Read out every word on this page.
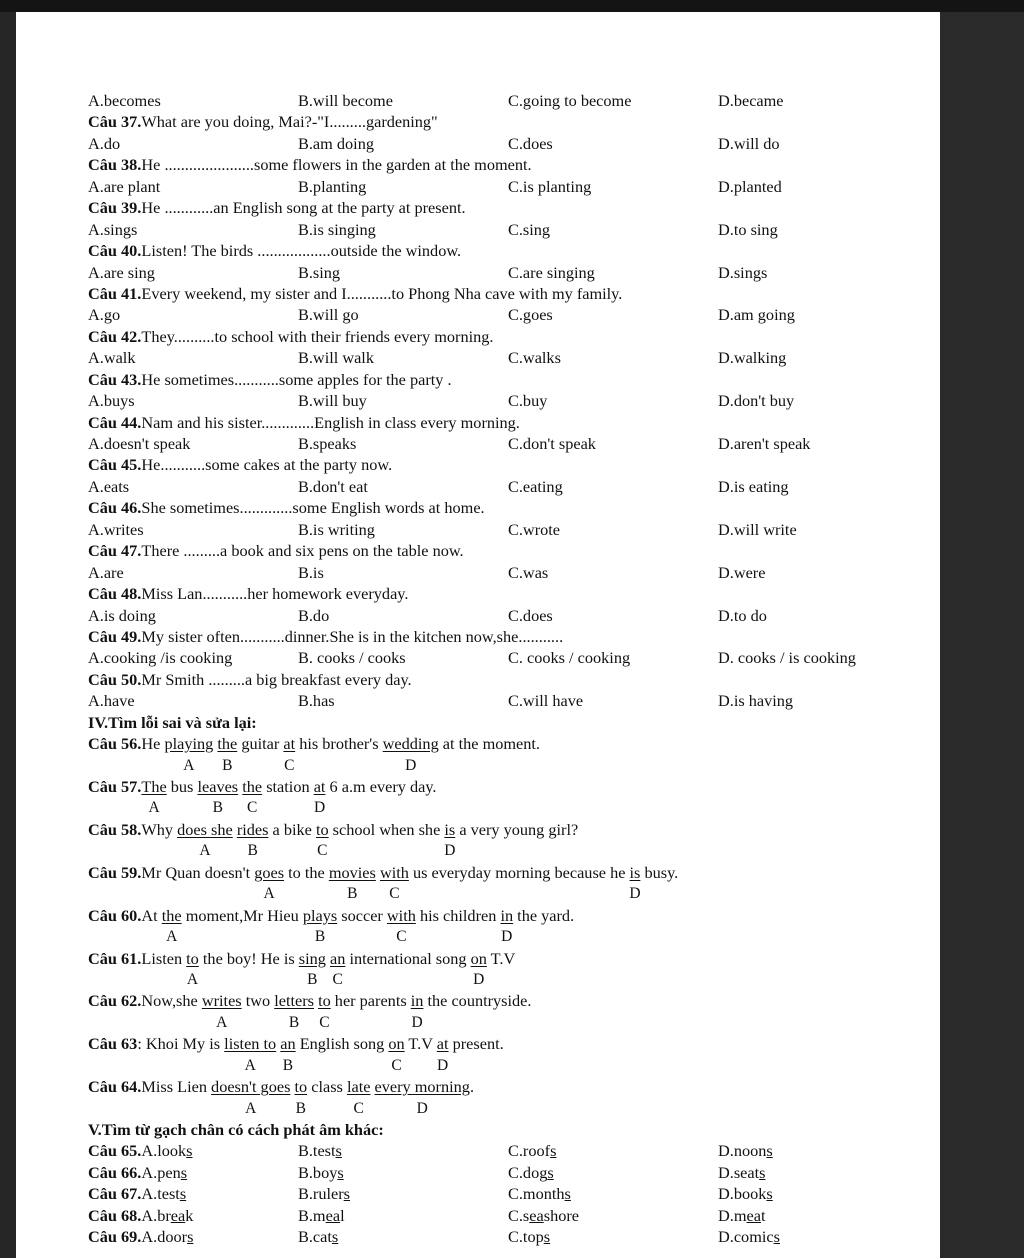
A.becomes	B.will become	C.going to become	D.became
Câu 37.What are you doing, Mai?-"I.........gardening"
A.do	B.am doing	C.does	D.will do
Câu 38.He ......................some flowers in the garden at the moment.
A.are plant	B.planting	C.is planting	D.planted
Câu 39.He ............an English song at the party at present.
A.sings	B.is singing	C.sing	D.to sing
Câu 40.Listen! The birds ..................outside the window.
A.are sing	B.sing	C.are singing	D.sings
Câu 41.Every weekend, my sister and I...........to Phong Nha cave with my family.
A.go	B.will go	C.goes	D.am going
Câu 42.They..........to school with their friends every morning.
A.walk	B.will walk	C.walks	D.walking
Câu 43.He sometimes...........some apples for the party .
A.buys	B.will buy	C.buy	D.don't buy
Câu 44.Nam and his sister.............English in class every morning.
A.doesn't speak	B.speaks	C.don't speak	D.aren't speak
Câu 45.He...........some cakes at the party now.
A.eats	B.don't eat	C.eating	D.is eating
Câu 46.She sometimes.............some English words at home.
A.writes	B.is writing	C.wrote	D.will write
Câu 47.There .........a book and six pens on the table now.
A.are	B.is	C.was	D.were
Câu 48.Miss Lan...........her homework everyday.
A.is doing	B.do	C.does	D.to do
Câu 49.My sister often...........dinner.She is in the kitchen now,she...........
A.cooking /is cooking	B. cooks / cooks	C. cooks / cooking	D. cooks / is cooking
Câu 50.Mr Smith .........a big breakfast every day.
A.have	B.has	C.will have	D.is having
IV.Tìm lỗi sai và sửa lại:
Câu 56.He playing the guitar at his brother's wedding at the moment.
A B	C	D
Câu 57.The bus leaves the station at 6 a.m every day.
A	B C	D
Câu 58.Why does she rides a bike to school when she is a very young girl?
A B	C	D
Câu 59.Mr Quan doesn't goes to the movies with us everyday morning because he is busy.
A	B C	D
Câu 60.At the moment,Mr Hieu plays soccer with his children in the yard.
A	B	C	D
Câu 61.Listen to the boy! He is sing an international song on T.V
A	B C	D
Câu 62.Now,she writes two letters to her parents in the countryside.
A	B C	D
Câu 63: Khoi My is listen to an English song on T.V at present.
A B	C D
Câu 64.Miss Lien doesn't goes to class late every morning.
A	B	C	D
V.Tìm từ gạch chân có cách phát âm khác:
Câu 65.A.looks	B.tests	C.roofs	D.noons
Câu 66.A.pens	B.boys	C.dogs	D.seats
Câu 67.A.tests	B.rulers	C.months	D.books
Câu 68.A.break	B.meal	C.seashore	D.meat
Câu 69.A.doors	B.cats	C.tops	D.comics
